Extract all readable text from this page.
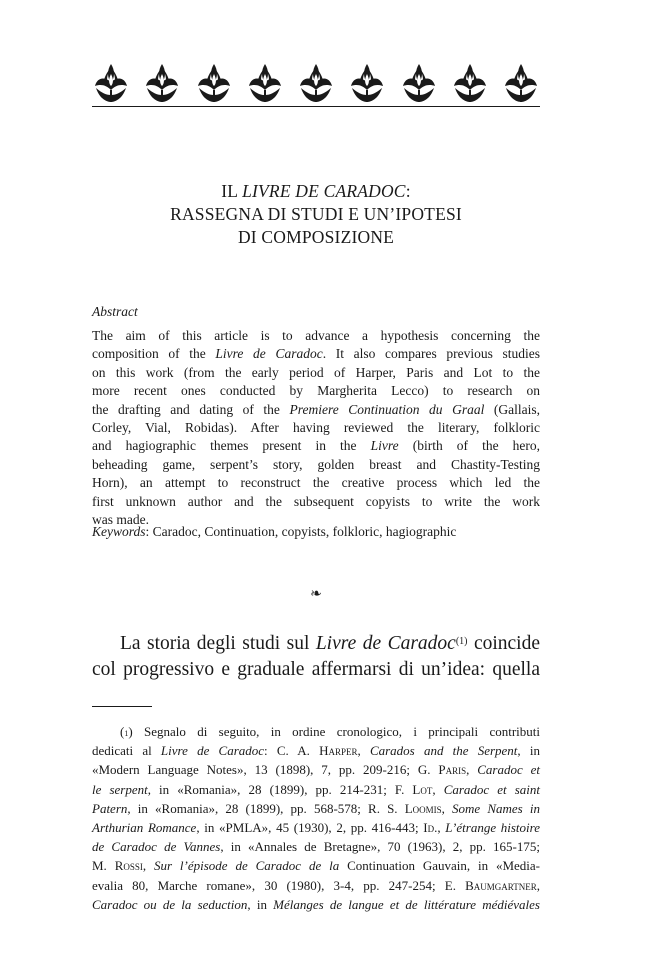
IL LIVRE DE CARADOC:
RASSEGNA DI STUDI E UN’IPOTESI
DI COMPOSIZIONE
Abstract
The aim of this article is to advance a hypothesis concerning the
composition of the Livre de Caradoc. It also compares previous studies
on this work (from the early period of Harper, Paris and Lot to the
more recent ones conducted by Margherita Lecco) to research on
the drafting and dating of the Premiere Continuation du Graal (Gallais,
Corley, Vial, Robidas). After having reviewed the literary, folkloric
and hagiographic themes present in the Livre (birth of the hero,
beheading game, serpent’s story, golden breast and Chastity-Testing
Horn), an attempt to reconstruct the creative process which led the
first unknown author and the subsequent copyists to write the work
was made.
Keywords: Caradoc, Continuation, copyists, folkloric, hagiographic
❧
La storia degli studi sul Livre de Caradoc$^{(1)}$ coincide
col progressivo e graduale affermarsi di un’idea: quella
($^1$) Segnalo di seguito, in ordine cronologico, i principali contributi
dedicati al Livre de Caradoc: C. A. Harper, Carados and the Serpent, in
«Modern Language Notes», 13 (1898), 7, pp. 209-216; G. Paris, Caradoc et
le serpent, in «Romania», 28 (1899), pp. 214-231; F. Lot, Caradoc et saint
Patern, in «Romania», 28 (1899), pp. 568-578; R. S. Loomis, Some Names in
Arthurian Romance, in «PMLA», 45 (1930), 2, pp. 416-443; Id., L’étrange histoire
de Caradoc de Vannes, in «Annales de Bretagne», 70 (1963), 2, pp. 165-175;
M. Rossi, Sur l’épisode de Caradoc de la Continuation Gauvain, in «Media-
evalia 80, Marche romane», 30 (1980), 3-4, pp. 247-254; E. Baumgartner,
Caradoc ou de la seduction, in Mélanges de langue et de littérature médiévales
